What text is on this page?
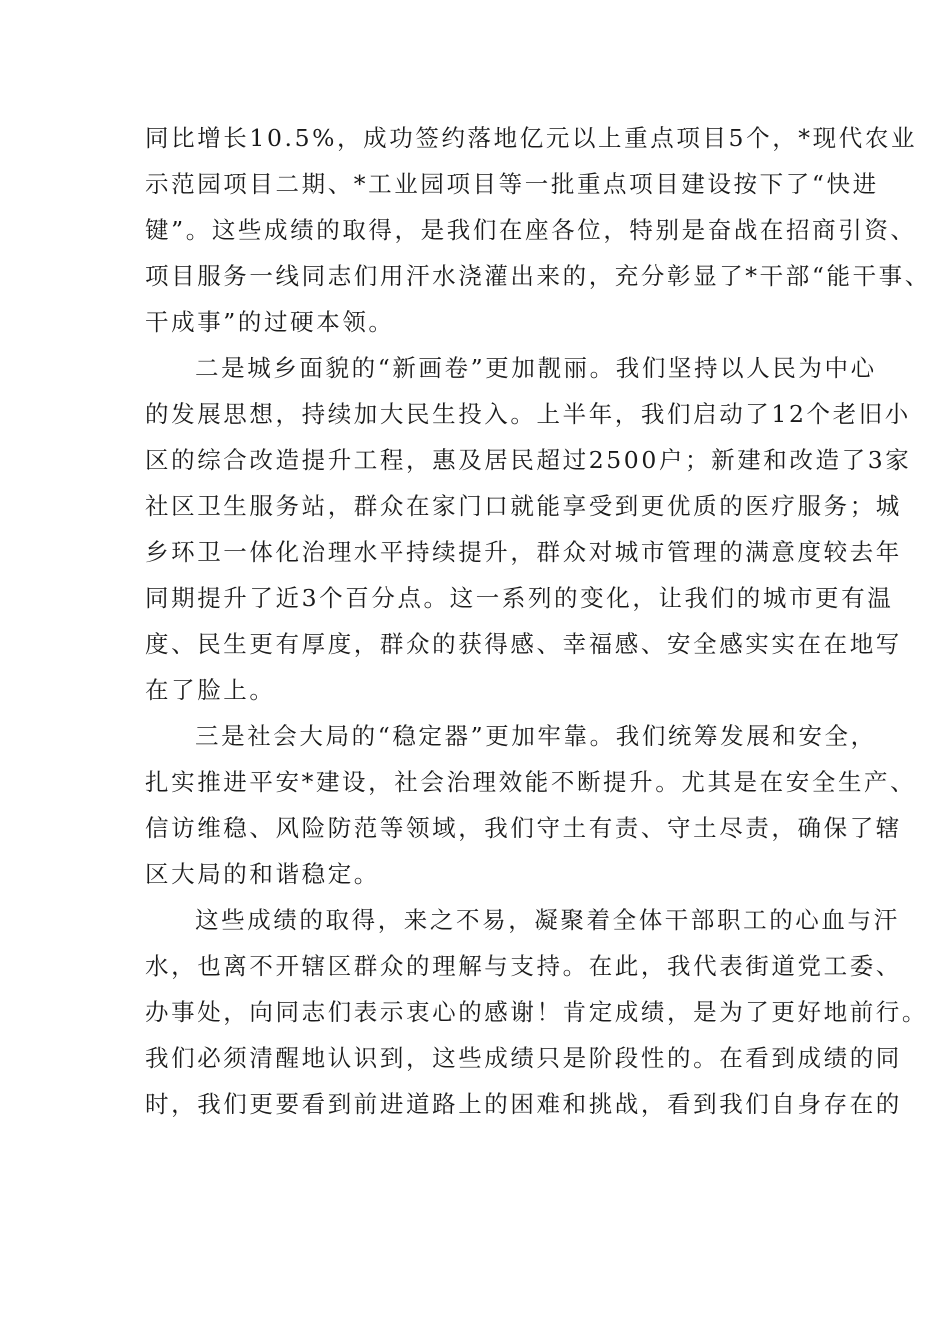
同比增长10.5%，成功签约落地亿元以上重点项目5个，*现代农业
示范园项目二期、*工业园项目等一批重点项目建设按下了“快进
键”。这些成绩的取得，是我们在座各位，特别是奋战在招商引资、
项目服务一线同志们用汗水浇灌出来的，充分彰显了*干部“能干事、
干成事”的过硬本领。
二是城乡面貌的“新画卷”更加靓丽。我们坚持以人民为中心
的发展思想，持续加大民生投入。上半年，我们启动了12个老旧小
区的综合改造提升工程，惠及居民超过2500户；新建和改造了3家
社区卫生服务站，群众在家门口就能享受到更优质的医疗服务；城
乡环卫一体化治理水平持续提升，群众对城市管理的满意度较去年
同期提升了近3个百分点。这一系列的变化，让我们的城市更有温
度、民生更有厚度，群众的获得感、幸福感、安全感实实在在地写
在了脸上。
三是社会大局的“稳定器”更加牢靠。我们统筹发展和安全，
扎实推进平安*建设，社会治理效能不断提升。尤其是在安全生产、
信访维稳、风险防范等领域，我们守土有责、守土尽责，确保了辖
区大局的和谐稳定。
这些成绩的取得，来之不易，凝聚着全体干部职工的心血与汗
水，也离不开辖区群众的理解与支持。在此，我代表街道党工委、
办事处，向同志们表示衷心的感谢！肯定成绩，是为了更好地前行。
我们必须清醒地认识到，这些成绩只是阶段性的。在看到成绩的同
时，我们更要看到前进道路上的困难和挑战，看到我们自身存在的
